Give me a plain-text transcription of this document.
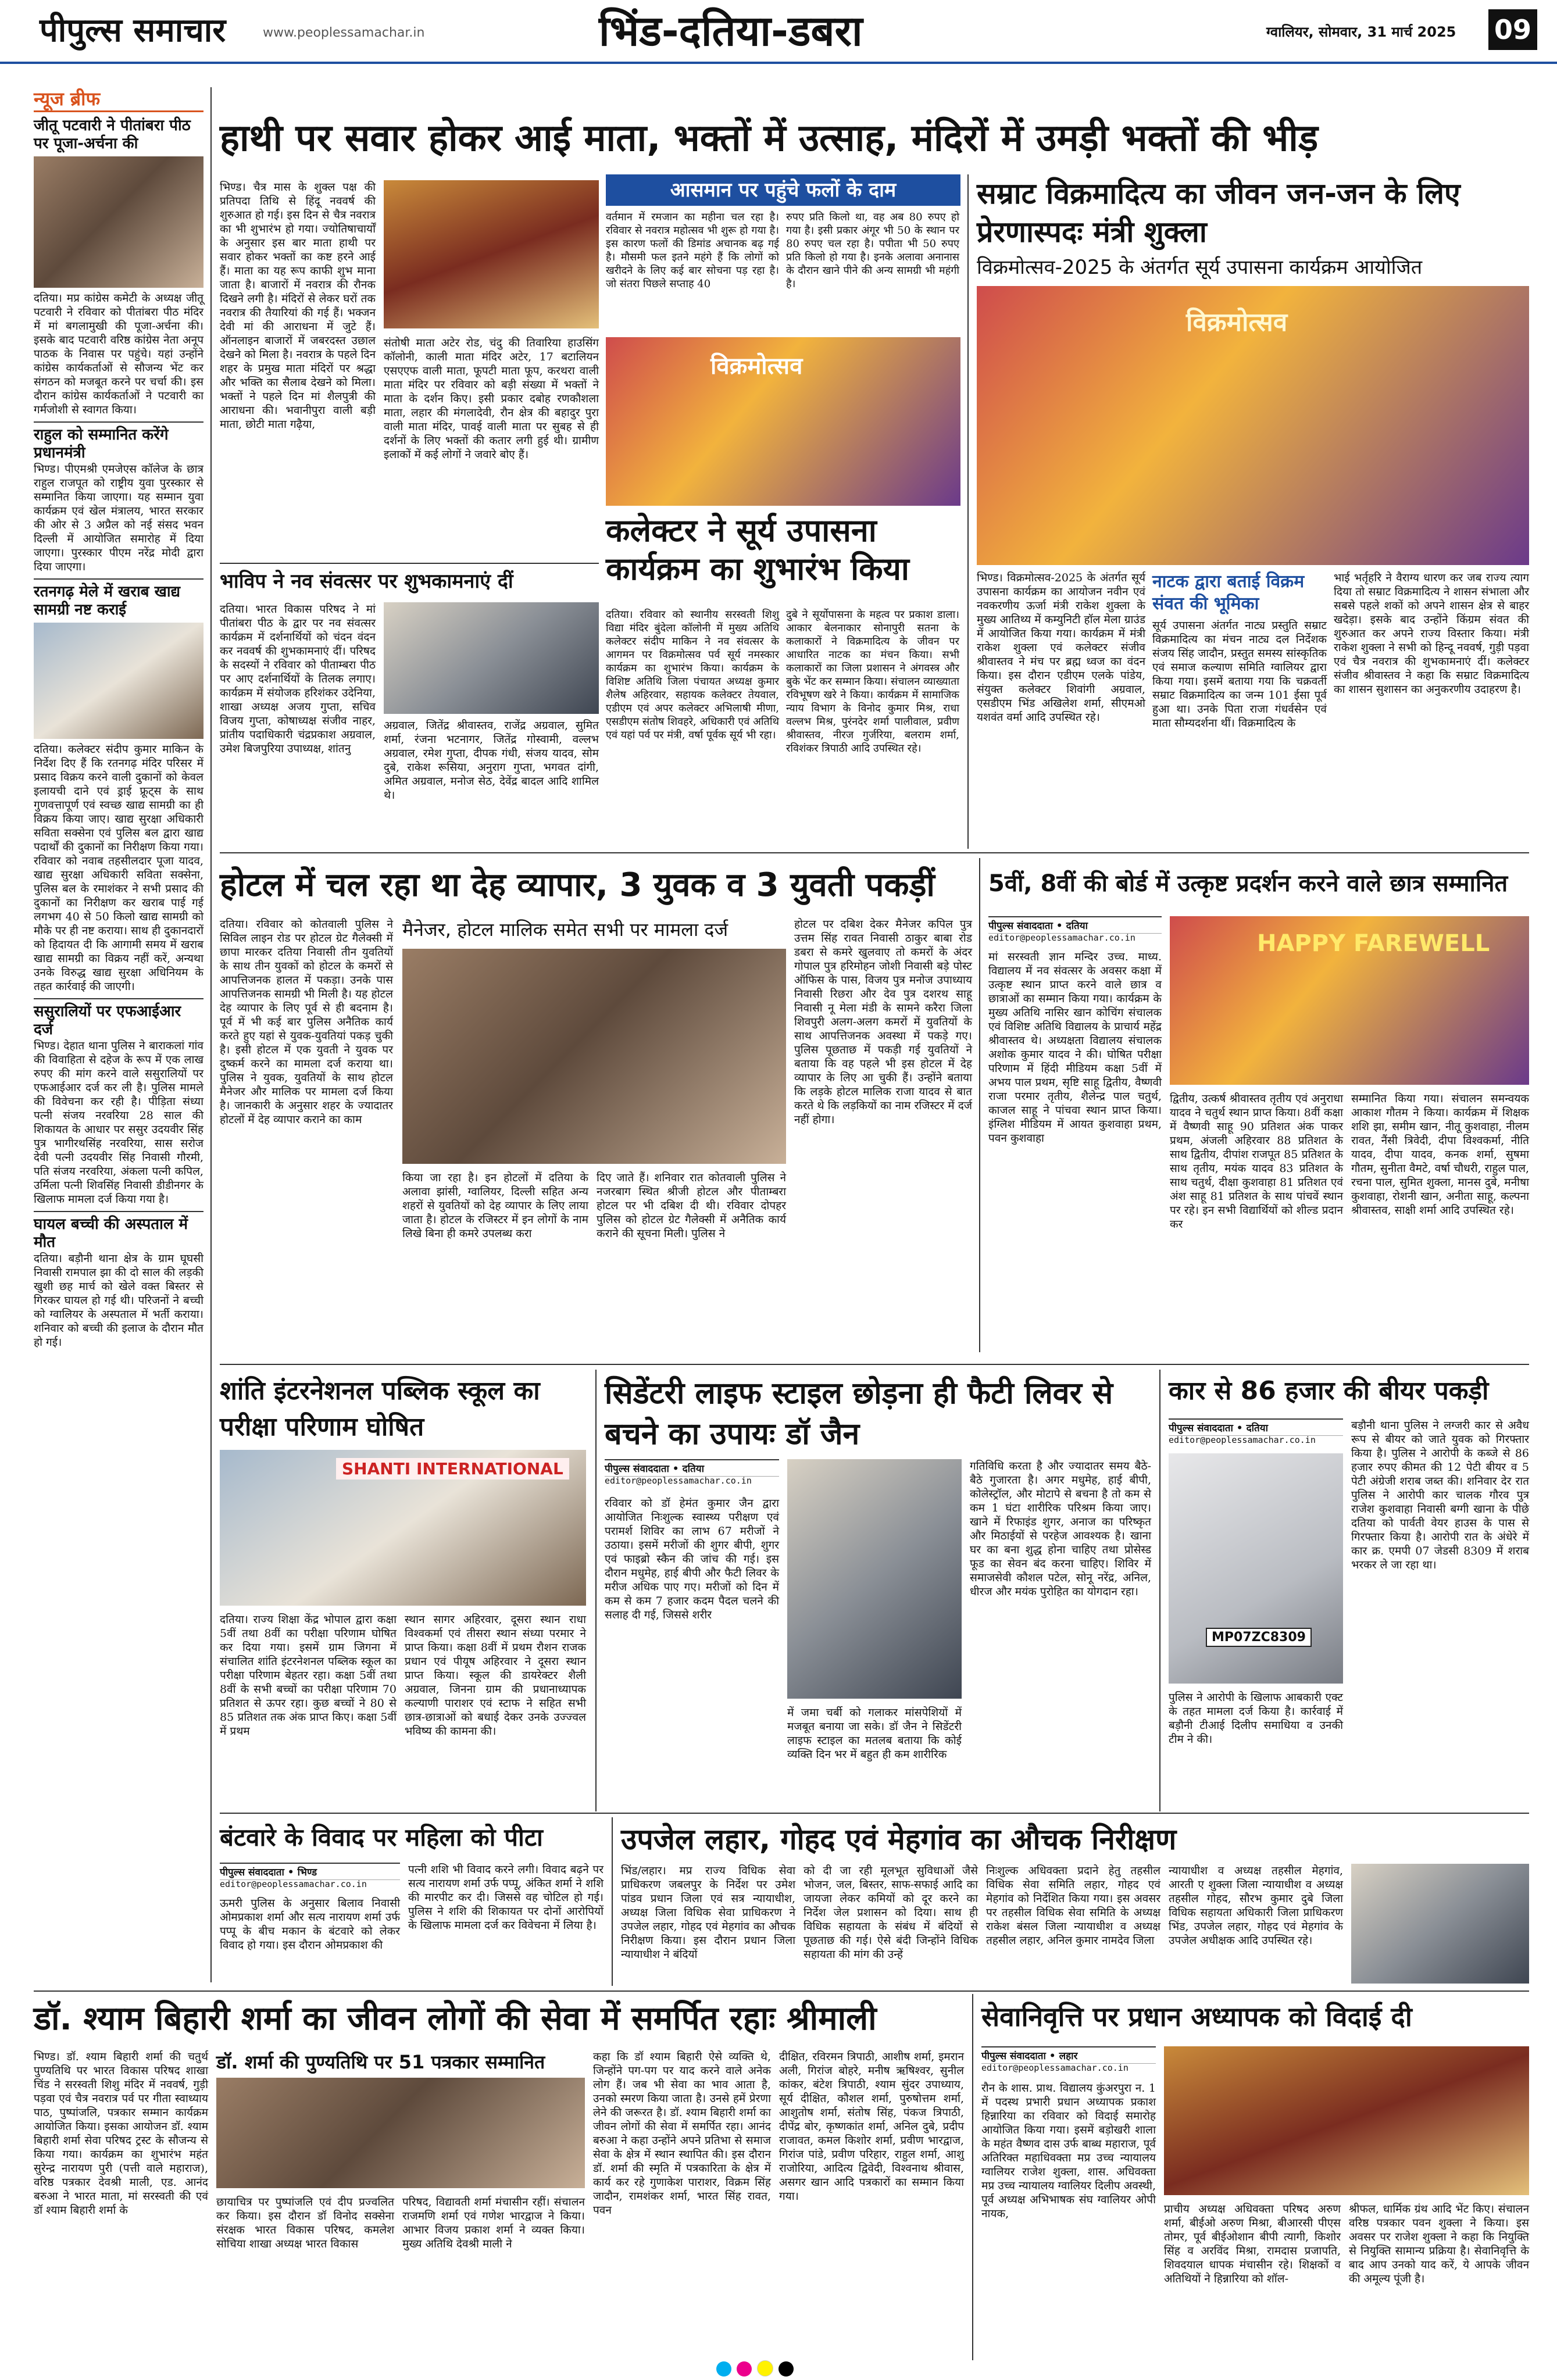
पीपुल्स समाचार	www.peoplessamachar.in	भिंड-दतिया-डबरा	ग्वालियर, सोमवार, 31 मार्च 2025 09
न्यूज ब्रीफ
जीतू पटवारी ने पीतांबरा पीठ पर पूजा-अर्चना की
दतिया। मप्र कांग्रेस कमेटी के अध्यक्ष जीतू पटवारी ने रविवार को पीतांबरा पीठ मंदिर में मां बगलामुखी की पूजा-अर्चना की। इसके बाद पटवारी वरिष्ठ कांग्रेस नेता अनूप पाठक के निवास पर पहुंचे। यहां उन्होंने कांग्रेस कार्यकर्ताओं से सौजन्य भेंट कर संगठन को मजबूत करने पर चर्चा की। इस दौरान कांग्रेस कार्यकर्ताओं ने पटवारी का गर्मजोशी से स्वागत किया।
राहुल को सम्मानित करेंगे प्रधानमंत्री
भिण्ड। पीएमश्री एमजेएस कॉलेज के छात्र राहुल राजपूत को राष्ट्रीय युवा पुरस्कार से सम्मानित किया जाएगा। यह सम्मान युवा कार्यक्रम एवं खेल मंत्रालय, भारत सरकार की ओर से 3 अप्रैल को नई संसद भवन दिल्ली में आयोजित समारोह में दिया जाएगा। पुरस्कार पीएम नरेंद्र मोदी द्वारा दिया जाएगा।
रतनगढ़ मेले में खराब खाद्य सामग्री नष्ट कराई
दतिया। कलेक्टर संदीप कुमार माकिन के निर्देश दिए हैं कि रतनगढ़ मंदिर परिसर में प्रसाद विक्रय करने वाली दुकानों को केवल इलायची दाने एवं ड्राई फ्रूट्स के साथ गुणवत्तापूर्ण एवं स्वच्छ खाद्य सामग्री का ही विक्रय किया जाए। खाद्य सुरक्षा अधिकारी सविता सक्सेना एवं पुलिस बल द्वारा खाद्य पदार्थों की दुकानों का निरीक्षण किया गया। रविवार को नवाब तहसीलदार पूजा यादव, खाद्य सुरक्षा अधिकारी सविता सक्सेना, पुलिस बल के रमाशंकर ने सभी प्रसाद की दुकानों का निरीक्षण कर खराब पाई गई लगभग 40 से 50 किलो खाद्य सामग्री को मौके पर ही नष्ट कराया। साथ ही दुकानदारों को हिदायत दी कि आगामी समय में खराब खाद्य सामग्री का विक्रय नहीं करें, अन्यथा उनके विरुद्ध खाद्य सुरक्षा अधिनियम के तहत कार्रवाई की जाएगी।
ससुरालियों पर एफआईआर दर्ज
भिण्ड। देहात थाना पुलिस ने बाराकलां गांव की विवाहिता से दहेज के रूप में एक लाख रुपए की मांग करने वाले ससुरालियों पर एफआईआर दर्ज कर ली है। पुलिस मामले की विवेचना कर रही है। पीड़िता संध्या पत्नी संजय नरवरिया 28 साल की शिकायत के आधार पर ससुर उदयवीर सिंह पुत्र भागीरथसिंह नरवरिया, सास सरोज देवी पत्नी उदयवीर सिंह निवासी गौरमी, पति संजय नरवरिया, अंकला पत्नी कपिल, उर्मिला पत्नी शिवसिंह निवासी डीडीनगर के खिलाफ मामला दर्ज किया गया है।
घायल बच्ची की अस्पताल में मौत
दतिया। बड़ौनी थाना क्षेत्र के ग्राम घूघसी निवासी रामपाल झा की दो साल की लड़की खुशी छह मार्च को खेले वक्त बिस्तर से गिरकर घायल हो गई थी। परिजनों ने बच्ची को ग्वालियर के अस्पताल में भर्ती कराया। शनिवार को बच्ची की इलाज के दौरान मौत हो गई।
हाथी पर सवार होकर आई माता, भक्तों में उत्साह, मंदिरों में उमड़ी भक्तों की भीड़
भिण्ड। चैत्र मास के शुक्ल पक्ष की प्रतिपदा तिथि से हिंदू नववर्ष की शुरुआत हो गई। इस दिन से चैत्र नवरात्र का भी शुभारंभ हो गया। ज्योतिषाचार्यों के अनुसार इस बार माता हाथी पर सवार होकर भक्तों का कष्ट हरने आई हैं। माता का यह रूप काफी शुभ माना जाता है। बाजारों में नवरात्र की रौनक दिखने लगी है। मंदिरों से लेकर घरों तक नवरात्र की तैयारियां की गई हैं। भक्जन देवी मां की आराधना में जुटे हैं। ऑनलाइन बाजारों में जबरदस्त उछाल देखने को मिला है। नवरात्र के पहले दिन शहर के प्रमुख माता मंदिरों पर श्रद्धा और भक्ति का सैलाब देखने को मिला। भक्तों ने पहले दिन मां शैलपुत्री की आराधना की। भवानीपुरा वाली बड़ी माता, छोटी माता गढ़ैया,
संतोषी माता अटेर रोड, चंदु की तिवारिया हाउसिंग कॉलोनी, काली माता मंदिर अटेर, 17 बटालियन एसएएफ वाली माता, फूपटी माता फूप, करथरा वाली माता मंदिर पर रविवार को बड़ी संख्या में भक्तों ने माता के दर्शन किए। इसी प्रकार दबोह रणकौशला माता, लहार की मंगलादेवी, रौन क्षेत्र की बहादुर पुरा वाली माता मंदिर, पावई वाली माता पर सुबह से ही दर्शनों के लिए भक्तों की कतार लगी हुई थी। ग्रामीण इलाकों में कई लोगों ने जवारे बोए हैं।
आसमान पर पहुंचे फलों के दाम
वर्तमान में रमजान का महीना चल रहा है। रविवार से नवरात्र महोत्सव भी शुरू हो गया है। इस कारण फलों की डिमांड अचानक बढ़ गई है। मौसमी फल इतने महंगे हैं कि लोगों को खरीदने के लिए कई बार सोचना पड़ रहा है। जो संतरा पिछले सप्ताह 40
रुपए प्रति किलो था, वह अब 80 रुपए हो गया है। इसी प्रकार अंगूर भी 50 के स्थान पर 80 रुपए चल रहा है। पपीता भी 50 रुपए प्रति किलो हो गया है। इनके अलावा अनानास के दौरान खाने पीने की अन्य सामग्री भी महंगी है।
विक्रमोत्सव
कलेक्टर ने सूर्य उपासना कार्यक्रम का शुभारंभ किया
भाविप ने नव संवत्सर पर शुभकामनाएं दीं
दतिया। भारत विकास परिषद ने मां पीतांबरा पीठ के द्वार पर नव संवत्सर कार्यक्रम में दर्शनार्थियों को चंदन वंदन कर नववर्ष की शुभकामनाएं दीं। परिषद के सदस्यों ने रविवार को पीताम्बरा पीठ पर आए दर्शनार्थियों के तिलक लगाए। कार्यक्रम में संयोजक हरिशंकर उदेनिया, शाखा अध्यक्ष अजय गुप्ता, सचिव विजय गुप्ता, कोषाध्यक्ष संजीव नाहर, प्रांतीय पदाधिकारी चंद्रप्रकाश अग्रवाल, उमेश बिजपुरिया उपाध्यक्ष, शांतनु
अग्रवाल, जितेंद्र श्रीवास्तव, राजेंद्र अग्रवाल, सुमित शर्मा, रंजना भटनागर, जितेंद्र गोस्वामी, वल्लभ अग्रवाल, रमेश गुप्ता, दीपक गंधी, संजय यादव, सोम दुबे, राकेश रूसिया, अनुराग गुप्ता, भगवत दांगी, अमित अग्रवाल, मनोज सेठ, देवेंद्र बादल आदि शामिल थे।
दतिया। रविवार को स्थानीय सरस्वती शिशु विद्या मंदिर बुंदेला कॉलोनी में मुख्य अतिथि कलेक्टर संदीप माकिन ने नव संवत्सर के आगमन पर विक्रमोत्सव पर्व सूर्य नमस्कार कार्यक्रम का शुभारंभ किया। कार्यक्रम के विशिष्ट अतिथि जिला पंचायत अध्यक्ष कुमार शैलेष अहिरवार, सहायक कलेक्टर तेयवाल, एडीएम एवं अपर कलेक्टर अभिलाषी मीणा, एसडीएम संतोष शिवहरे, अधिकारी एवं अतिथि एवं यहां पर्व पर मंत्री, वर्षा पूर्वक सूर्य भी रहा।
दुबे ने सूर्योपासना के महत्व पर प्रकाश डाला। आकार बेलनाकार सोनापुरी सतना के कलाकारों ने विक्रमादित्य के जीवन पर आधारित नाटक का मंचन किया। सभी कलाकारों का जिला प्रशासन ने अंगवस्त्र और बुके भेंट कर सम्मान किया। संचालन व्याख्याता रविभूषण खरे ने किया। कार्यक्रम में सामाजिक न्याय विभाग के विनोद कुमार मिश्र, राधा वल्लभ मिश्र, पुरंनदेर शर्मा पालीवाल, प्रवीण श्रीवास्तव, नीरज गुर्जरिया, बलराम शर्मा, रविशंकर त्रिपाठी आदि उपस्थित रहे।
सम्राट विक्रमादित्य का जीवन जन-जन के लिए प्रेरणास्पदः मंत्री शुक्ला
विक्रमोत्सव-2025 के अंतर्गत सूर्य उपासना कार्यक्रम आयोजित
विक्रमोत्सव
भिण्ड। विक्रमोत्सव-2025 के अंतर्गत सूर्य उपासना कार्यक्रम का आयोजन नवीन एवं नवकरणीय ऊर्जा मंत्री राकेश शुक्ला के मुख्य आतिथ्य में कम्युनिटी हॉल मेला ग्राउंड में आयोजित किया गया। कार्यक्रम में मंत्री राकेश शुक्ला एवं कलेक्टर संजीव श्रीवास्तव ने मंच पर ब्रह्म ध्वज का वंदन किया। इस दौरान एडीएम एलके पांडेय, संयुक्त कलेक्टर शिवांगी अग्रवाल, एसडीएम भिंड अखिलेश शर्मा, सीएमओ यशवंत वर्मा आदि उपस्थित रहे।
नाटक द्वारा बताई विक्रम संवत की भूमिका
सूर्य उपासना अंतर्गत नाट्य प्रस्तुति सम्राट विक्रमादित्य का मंचन नाट्य दल निर्देशक संजय सिंह जादौन, प्रस्तुत समस्य सांस्कृतिक एवं समाज कल्याण समिति ग्वालियर द्वारा किया गया। इसमें बताया गया कि चक्रवर्ती सम्राट विक्रमादित्य का जन्म 101 ईसा पूर्व हुआ था। उनके पिता राजा गंधर्वसेन एवं माता सौम्यदर्शना थीं। विक्रमादित्य के
भाई भर्तृहरि ने वैराग्य धारण कर जब राज्य त्याग दिया तो सम्राट विक्रमादित्य ने शासन संभाला और सबसे पहले शकों को अपने शासन क्षेत्र से बाहर खदेड़ा। इसके बाद उन्होंने किंग्रम संवत की शुरुआत कर अपने राज्य विस्तार किया। मंत्री राकेश शुक्ला ने सभी को हिन्दू नववर्ष, गुड़ी पड़वा एवं चैत्र नवरात्र की शुभकामनाएं दीं। कलेक्टर संजीव श्रीवास्तव ने कहा कि सम्राट विक्रमादित्य का शासन सुशासन का अनुकरणीय उदाहरण है।
होटल में चल रहा था देह व्यापार, 3 युवक व 3 युवती पकड़ीं
दतिया। रविवार को कोतवाली पुलिस ने सिविल लाइन रोड पर होटल ग्रेट गैलेक्सी में छापा मारकर दतिया निवासी तीन युवतियों के साथ तीन युवकों को होटल के कमरों से आपत्तिजनक हालत में पकड़ा। उनके पास आपत्तिजनक सामग्री भी मिली है। यह होटल देह व्यापार के लिए पूर्व से ही बदनाम है। पूर्व में भी कई बार पुलिस अनैतिक कार्य करते हुए यहां से युवक-युवतियां पकड़ चुकी है। इसी होटल में एक युवती ने युवक पर दुष्कर्म करने का मामला दर्ज कराया था। पुलिस ने युवक, युवतियों के साथ होटल मैनेजर और मालिक पर मामला दर्ज किया है। जानकारी के अनुसार शहर के ज्यादातर होटलों में देह व्यापार कराने का काम
मैनेजर, होटल मालिक समेत सभी पर मामला दर्ज
किया जा रहा है। इन होटलों में दतिया के अलावा झांसी, ग्वालियर, दिल्ली सहित अन्य शहरों से युवतियों को देह व्यापार के लिए लाया जाता है। होटल के रजिस्टर में इन लोगों के नाम लिखे बिना ही कमरे उपलब्ध करा
दिए जाते हैं। शनिवार रात कोतवाली पुलिस ने नजरबाग स्थित श्रीजी होटल और पीताम्बरा होटल पर भी दबिश दी थी। रविवार दोपहर पुलिस को होटल ग्रेट गैलेक्सी में अनैतिक कार्य कराने की सूचना मिली। पुलिस ने
होटल पर दबिश देकर मैनेजर कपिल पुत्र उत्तम सिंह रावत निवासी ठाकुर बाबा रोड डबरा से कमरे खुलवाए तो कमरों के अंदर गोपाल पुत्र हरिमोहन जोशी निवासी बड़े पोस्ट ऑफिस के पास, विजय पुत्र मनोज उपाध्याय निवासी रिछरा और देव पुत्र दशरथ साहू निवासी नू मेला मंडी के सामने करैरा जिला शिवपुरी अलग-अलग कमरों में युवतियों के साथ आपत्तिजनक अवस्था में पकड़े गए। पुलिस पूछताछ में पकड़ी गई युवतियों ने बताया कि वह पहले भी इस होटल में देह व्यापार के लिए आ चुकी हैं। उन्होंने बताया कि लड़के होटल मालिक राजा यादव से बात करते थे कि लड़कियों का नाम रजिस्टर में दर्ज नहीं होगा।
5वीं, 8वीं की बोर्ड में उत्कृष्ट प्रदर्शन करने वाले छात्र सम्मानित
पीपुल्स संवाददाता • दतिया
editor@peoplessamachar.co.in
मां सरस्वती ज्ञान मन्दिर उच्च. माध्य. विद्यालय में नव संवत्सर के अवसर कक्षा में उत्कृष्ट स्थान प्राप्त करने वाले छात्र व छात्राओं का सम्मान किया गया। कार्यक्रम के मुख्य अतिथि नासिर खान कोचिंग संचालक एवं विशिष्ट अतिथि विद्यालय के प्राचार्य महेंद्र श्रीवास्तव थे। अध्यक्षता विद्यालय संचालक अशोक कुमार यादव ने की। घोषित परीक्षा परिणाम में हिंदी मीडियम कक्षा 5वीं में अभय पाल प्रथम, सृष्टि साहू द्वितीय, वैष्णवी राजा परमार तृतीय, शैलेन्द्र पाल चतुर्थ, काजल साहू ने पांचवा स्थान प्राप्त किया। इंग्लिश मीडियम में आयत कुशवाहा प्रथम, पवन कुशवाहा
HAPPY FAREWELL
द्वितीय, उत्कर्ष श्रीवास्तव तृतीय एवं अनुराधा यादव ने चतुर्थ स्थान प्राप्त किया। 8वीं कक्षा में वैष्णवी साहू 90 प्रतिशत अंक पाकर प्रथम, अंजली अहिरवार 88 प्रतिशत के साथ द्वितीय, दीपांश राजपूत 85 प्रतिशत के साथ तृतीय, मयंक यादव 83 प्रतिशत के साथ चतुर्थ, दीक्षा कुशवाहा 81 प्रतिशत एवं अंश साहू 81 प्रतिशत के साथ पांचवें स्थान पर रहे। इन सभी विद्यार्थियों को शील्ड प्रदान कर
सम्मानित किया गया। संचालन समन्वयक आकाश गौतम ने किया। कार्यक्रम में शिक्षक शशि झा, समीम खान, नीतू कुशवाहा, नीलम रावत, नैंसी त्रिवेदी, दीपा विश्वकर्मा, नीति यादव, दीपा यादव, कनक शर्मा, सुषमा गौतम, सुनीता वैमटे, वर्षा चौधरी, राहुल पाल, रचना पाल, सुमित शुक्ला, मानस दुबे, मनीषा कुशवाहा, रोशनी खान, अनीता साहू, कल्पना श्रीवास्तव, साक्षी शर्मा आदि उपस्थित रहे।
शांति इंटरनेशनल पब्लिक स्कूल का परीक्षा परिणाम घोषित
SHANTI INTERNATIONAL
दतिया। राज्य शिक्षा केंद्र भोपाल द्वारा कक्षा 5वीं तथा 8वीं का परीक्षा परिणाम घोषित कर दिया गया। इसमें ग्राम जिगना में संचालित शांति इंटरनेशनल पब्लिक स्कूल का परीक्षा परिणाम बेहतर रहा। कक्षा 5वीं तथा 8वीं के सभी बच्चों का परीक्षा परिणाम 70 प्रतिशत से ऊपर रहा। कुछ बच्चों ने 80 से 85 प्रतिशत तक अंक प्राप्त किए। कक्षा 5वीं में प्रथम
स्थान सागर अहिरवार, दूसरा स्थान राधा विश्वकर्मा एवं तीसरा स्थान संध्या परमार ने प्राप्त किया। कक्षा 8वीं में प्रथम रौशन राजक प्रधान एवं पीयूष अहिरवार ने दूसरा स्थान प्राप्त किया। स्कूल की डायरेक्टर शैली अग्रवाल, जिनना ग्राम की प्रधानाध्यापक कल्याणी पाराशर एवं स्टाफ ने सहित सभी छात्र-छात्राओं को बधाई देकर उनके उज्ज्वल भविष्य की कामना की।
सिडेंटरी लाइफ स्टाइल छोड़ना ही फैटी लिवर से बचने का उपायः डॉ जैन
पीपुल्स संवाददाता • दतिया
editor@peoplessamachar.co.in
रविवार को डॉ हेमंत कुमार जैन द्वारा आयोजित निःशुल्क स्वास्थ्य परीक्षण एवं परामर्श शिविर का लाभ 67 मरीजों ने उठाया। इसमें मरीजों की शुगर बीपी, शुगर एवं फाइब्रो स्कैन की जांच की गई। इस दौरान मधुमेह, हाई बीपी और फैटी लिवर के मरीज अधिक पाए गए। मरीजों को दिन में कम से कम 7 हजार कदम पैदल चलने की सलाह दी गई, जिससे शरीर
में जमा चर्बी को गलाकर मांसपेशियों में मजबूत बनाया जा सके। डॉ जैन ने सिडेंटरी लाइफ स्टाइल का मतलब बताया कि कोई व्यक्ति दिन भर में बहुत ही कम शारीरिक
गतिविधि करता है और ज्यादातर समय बैठे-बैठे गुजारता है। अगर मधुमेह, हाई बीपी, कोलेस्ट्रॉल, और मोटापे से बचना है तो कम से कम 1 घंटा शारीरिक परिश्रम किया जाए। खाने में रिफाइंड शुगर, अनाज का परिष्कृत और मिठाईयों से परहेज आवश्यक है। खाना घर का बना शुद्ध होना चाहिए तथा प्रोसेस्ड फूड का सेवन बंद करना चाहिए। शिविर में समाजसेवी कौशल पटेल, सोनू नरेंद्र, अनिल, धीरज और मयंक पुरोहित का योगदान रहा।
कार से 86 हजार की बीयर पकड़ी
पीपुल्स संवाददाता • दतिया
editor@peoplessamachar.co.in
MP07ZC8309
पुलिस ने आरोपी के खिलाफ आबकारी एक्ट के तहत मामला दर्ज किया है। कार्रवाई में बड़ौनी टीआई दिलीप समाधिया व उनकी टीम ने की।
बड़ौनी थाना पुलिस ने लग्जरी कार से अवैध रूप से बीयर को जाते युवक को गिरफ्तार किया है। पुलिस ने आरोपी के कब्जे से 86 हजार रुपए कीमत की 12 पेटी बीयर व 5 पेटी अंग्रेजी शराब जब्त की। शनिवार देर रात पुलिस ने आरोपी कार चालक गौरव पुत्र राजेश कुशवाहा निवासी बग्गी खाना के पीछे दतिया को पार्वती वेयर हाउस के पास से गिरफ्तार किया है। आरोपी रात के अंधेरे में कार क्र. एमपी 07 जेडसी 8309 में शराब भरकर ले जा रहा था।
बंटवारे के विवाद पर महिला को पीटा
पीपुल्स संवाददाता • भिण्ड
editor@peoplessamachar.co.in
ऊमरी पुलिस के अनुसार बिलाव निवासी ओमप्रकाश शर्मा और सत्य नारायण शर्मा उर्फ पप्पू के बीच मकान के बंटवारे को लेकर विवाद हो गया। इस दौरान ओमप्रकाश की
पत्नी शशि भी विवाद करने लगी। विवाद बढ़ने पर सत्य नारायण शर्मा उर्फ पप्पू, अंकित शर्मा ने शशि की मारपीट कर दी। जिससे वह चोटिल हो गई। पुलिस ने शशि की शिकायत पर दोनों आरोपियों के खिलाफ मामला दर्ज कर विवेचना में लिया है।
उपजेल लहार, गोहद एवं मेहगांव का औचक निरीक्षण
भिंड/लहार। मप्र राज्य विधिक सेवा प्राधिकरण जबलपुर के निर्देश पर उमेश पांडव प्रधान जिला एवं सत्र न्यायाधीश, अध्यक्ष जिला विधिक सेवा प्राधिकरण ने उपजेल लहार, गोहद एवं मेहगांव का औचक निरीक्षण किया। इस दौरान प्रधान जिला न्यायाधीश ने बंदियों
को दी जा रही मूलभूत सुविधाओं जैसे भोजन, जल, बिस्तर, साफ-सफाई आदि का जायजा लेकर कमियों को दूर करने का निर्देश जेल प्रशासन को दिया। साथ ही विधिक सहायता के संबंध में बंदियों से पूछताछ की गई। ऐसे बंदी जिन्होंने विधिक सहायता की मांग की उन्हें
निःशुल्क अधिवक्ता प्रदाने हेतु तहसील विधिक सेवा समिति लहार, गोहद एवं मेहगांव को निर्देशित किया गया। इस अवसर पर तहसील विधिक सेवा समिति के अध्यक्ष राकेश बंसल जिला न्यायाधीश व अध्यक्ष तहसील लहार, अनिल कुमार नामदेव जिला
न्यायाधीश व अध्यक्ष तहसील मेहगांव, आरती ए शुक्ला जिला न्यायाधीश व अध्यक्ष तहसील गोहद, सौरभ कुमार दुबे जिला विधिक सहायता अधिकारी जिला प्राधिकरण भिंड, उपजेल लहार, गोहद एवं मेहगांव के उपजेल अधीक्षक आदि उपस्थित रहे।
डॉ. श्याम बिहारी शर्मा का जीवन लोगों की सेवा में समर्पित रहाः श्रीमाली
भिण्ड। डॉ. श्याम बिहारी शर्मा की चतुर्थ पुण्यतिथि पर भारत विकास परिषद शाखा चिंड ने सरस्वती शिशु मंदिर में नववर्ष, गुड़ी पड़वा एवं चैत्र नवरात्र पर्व पर गीता स्वाध्याय पाठ, पुष्पांजलि, पत्रकार सम्मान कार्यक्रम आयोजित किया। इसका आयोजन डॉ. श्याम बिहारी शर्मा सेवा परिषद ट्रस्ट के सौजन्य से किया गया। कार्यक्रम का शुभारंभ महंत सुरेन्द्र नारायण पुरी (पत्ती वाले महाराज), वरिष्ठ पत्रकार देवश्री माली, एड. आनंद बरुआ ने भारत माता, मां सरस्वती की एवं डॉ श्याम बिहारी शर्मा के
डॉ. शर्मा की पुण्यतिथि पर 51 पत्रकार सम्मानित
छायाचित्र पर पुष्पांजलि एवं दीप प्रज्वलित कर किया। इस दौरान डॉ विनोद सक्सेना संरक्षक भारत विकास परिषद, कमलेश सोचिया शाखा अध्यक्ष भारत विकास
परिषद, विद्यावती शर्मा मंचासीन रहीं। संचालन राजमणि शर्मा एवं गणेश भारद्वाज ने किया। आभार विजय प्रकाश शर्मा ने व्यक्त किया। मुख्य अतिथि देवश्री माली ने
कहा कि डॉ श्याम बिहारी ऐसे व्यक्ति थे, जिन्होंने पग-पग पर याद करने वाले अनेक लोग हैं। जब भी सेवा का भाव आता है, उनको स्मरण किया जाता है। उनसे हमें प्रेरणा लेने की जरूरत है। डॉ. श्याम बिहारी शर्मा का जीवन लोगों की सेवा में समर्पित रहा। आनंद बरुआ ने कहा उन्होंने अपने प्रतिभा से समाज सेवा के क्षेत्र में स्थान स्थापित की। इस दौरान डॉ. शर्मा की स्मृति में पत्रकारिता के क्षेत्र में कार्य कर रहे गुणाकेश पाराशर, विक्रम सिंह जादौन, रामशंकर शर्मा, भारत सिंह रावत, पवन
दीक्षित, रविरमन त्रिपाठी, आशीष शर्मा, इमरान अली, गिरांज बोहरे, मनीष ऋषिश्वर, सुनील कांकर, बंटेश त्रिपाठी, श्याम सुंदर उपाध्याय, सूर्य दीक्षित, कौशल शर्मा, पुरुषोत्तम शर्मा, आशुतोष शर्मा, संतोष सिंह, पंकज त्रिपाठी, दीपेंद्र बोर, कृष्णकांत शर्मा, अनिल दुबे, प्रदीप राजावत, कमल किशोर शर्मा, प्रवीण भारद्वाज, गिरांज पांडे, प्रवीण परिहार, राहुल शर्मा, आशु राजोरिया, आदित्य द्विवेदी, विश्वनाथ श्रीवास, असगर खान आदि पत्रकारों का सम्मान किया गया।
सेवानिवृत्ति पर प्रधान अध्यापक को विदाई दी
पीपुल्स संवाददाता • लहार
editor@peoplessamachar.co.in
रौन के शास. प्राथ. विद्यालय कुंअरपुरा न. 1 में पदस्थ प्रभारी प्रधान अध्यापक प्रकाश हिन्नारिया का रविवार को विदाई समारोह आयोजित किया गया। इसमें बड़ोखरी शाला के महंत वैष्णव दास उर्फ बाब्ध महाराज, पूर्व अतिरिक्त महाधिवक्ता मप्र उच्च न्यायालय ग्वालियर राजेश शुक्ला, शास. अधिवक्ता मप्र उच्च न्यायालय ग्वालियर दिलीप अवस्थी, पूर्व अध्यक्ष अभिभाषक संघ ग्वालियर ओपी नायक,	प्राचीय अध्यक्ष अधिवक्ता परिषद अरुण शर्मा, बीईओ अरुण मिश्रा, बीआरसी पीएस तोमर, पूर्व बीईओशान बीपी त्यागी, किशोर सिंह व अरविंद मिश्रा, रामदास प्रजापति, शिवदयाल धापक मंचासीन रहे। शिक्षकों व अतिथियों ने हिन्नारिया को शॉल-
श्रीफल, धार्मिक ग्रंथ आदि भेंट किए। संचालन वरिष्ठ पत्रकार पवन शुक्ला ने किया। इस अवसर पर राजेश शुक्ला ने कहा कि नियुक्ति से नियुक्ति सामान्य प्रक्रिया है। सेवानिवृत्ति के बाद आप उनको याद करें, ये आपके जीवन की अमूल्य पूंजी है।
